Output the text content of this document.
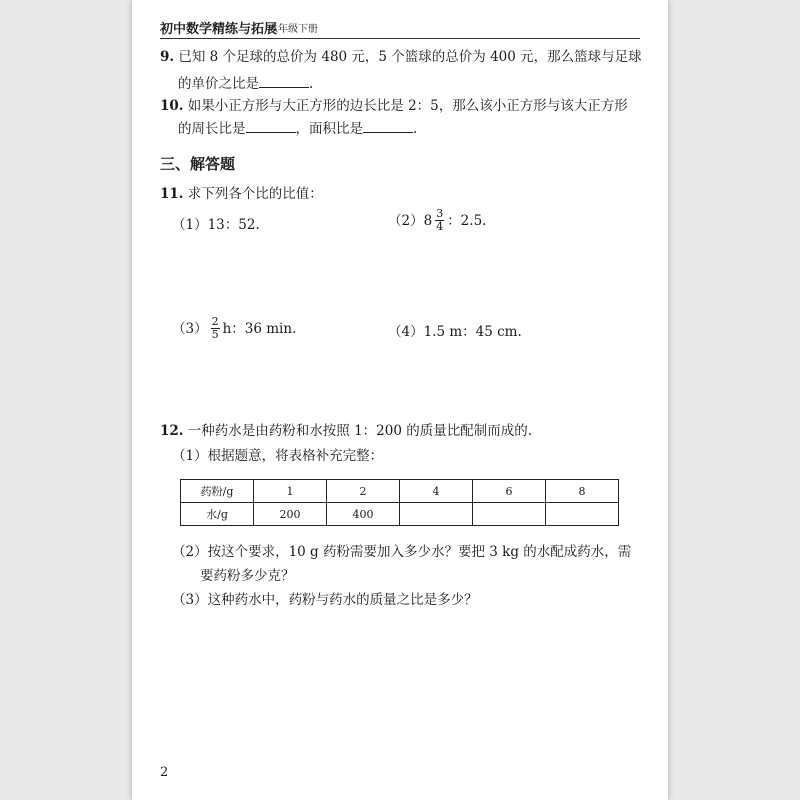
初中数学精练与拓展
六年级下册
9. 已知 8 个足球的总价为 480 元，5 个篮球的总价为 400 元，那么篮球与足球
的单价之比是	.
10. 如果小正方形与大正方形的边长比是 2：5，那么该小正方形与该大正方形
的周长比是	，面积比是	.
三、解答题
11. 求下列各个比的比值：
（1）13：52.	$(2)8 \frac{3}{4}$ ：2.5.
$(3) \frac{2}{5}$ h：36 min.	（4）1.5 m：45 cm.
12. 一种药水是由药粉和水按照 1：200 的质量比配制而成的.
（1）根据题意，将表格补充完整：
药粉/g	1	2	4	6	8
水/g	200	400			
（2）按这个要求，10 g 药粉需要加入多少水？要把 3 kg 的水配成药水，需
要药粉多少克？
（3）这种药水中，药粉与药水的质量之比是多少？
2
